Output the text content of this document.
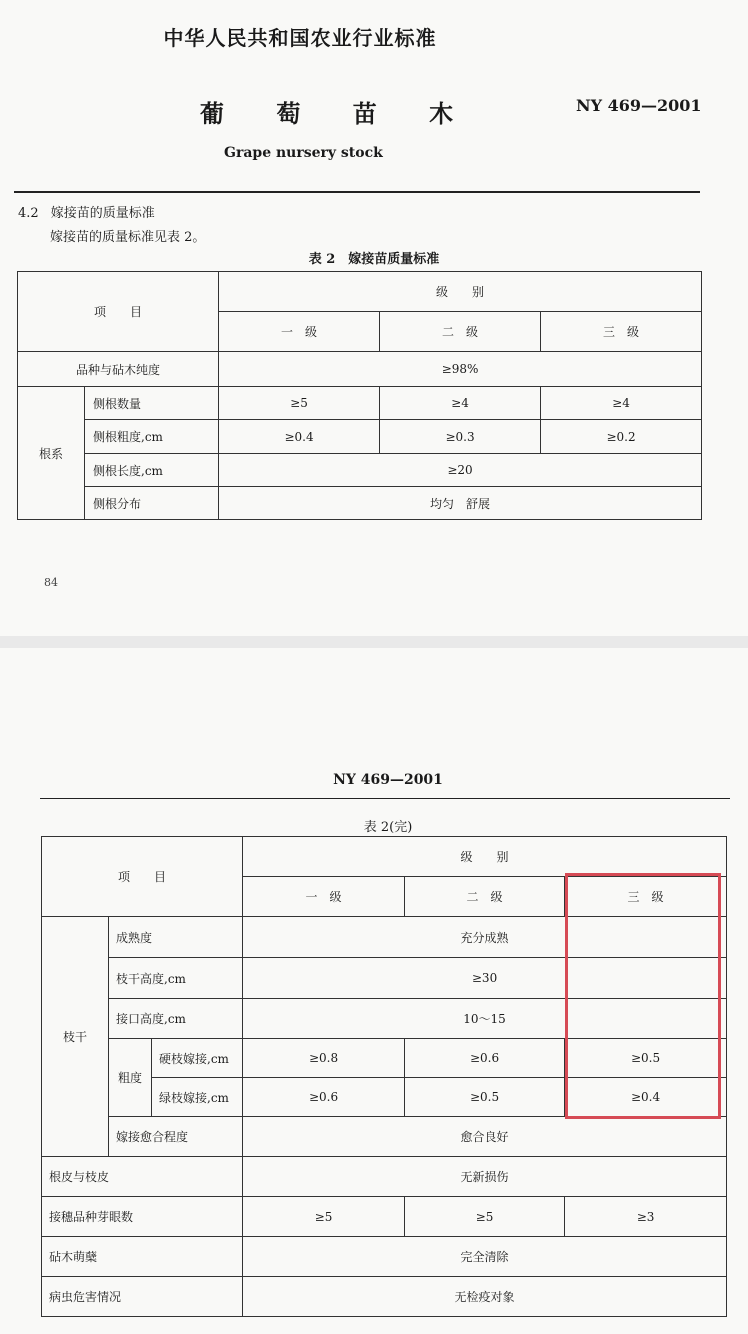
中华人民共和国农业行业标准
葡 萄 苗 木	NY 469—2001
Grape nursery stock
4.2 嫁接苗的质量标准
嫁接苗的质量标准见表 2。
表 2　嫁接苗质量标准
项　　目		级　　别		
		一　级	二　级	三　级
品种与砧木纯度		≥98%		
根系	侧根数量	≥5	≥4	≥4
	侧根粗度,cm	≥0.4	≥0.3	≥0.2
	侧根长度,cm	≥20		
	侧根分布	均匀　舒展		
84
NY 469—2001
表 2(完)
项　　目			级　　别		
			一　级	二　级	三　级
枝干	成熟度		充分成熟		
	枝干高度,cm		≥30		
	接口高度,cm		10～15		
	粗度	硬枝嫁接,cm	≥0.8	≥0.6	≥0.5
		绿枝嫁接,cm	≥0.6	≥0.5	≥0.4
	嫁接愈合程度		愈合良好		
根皮与枝皮			无新损伤		
接穗品种芽眼数			≥5	≥5	≥3
砧木萌蘖			完全清除		
病虫危害情况			无检疫对象		
